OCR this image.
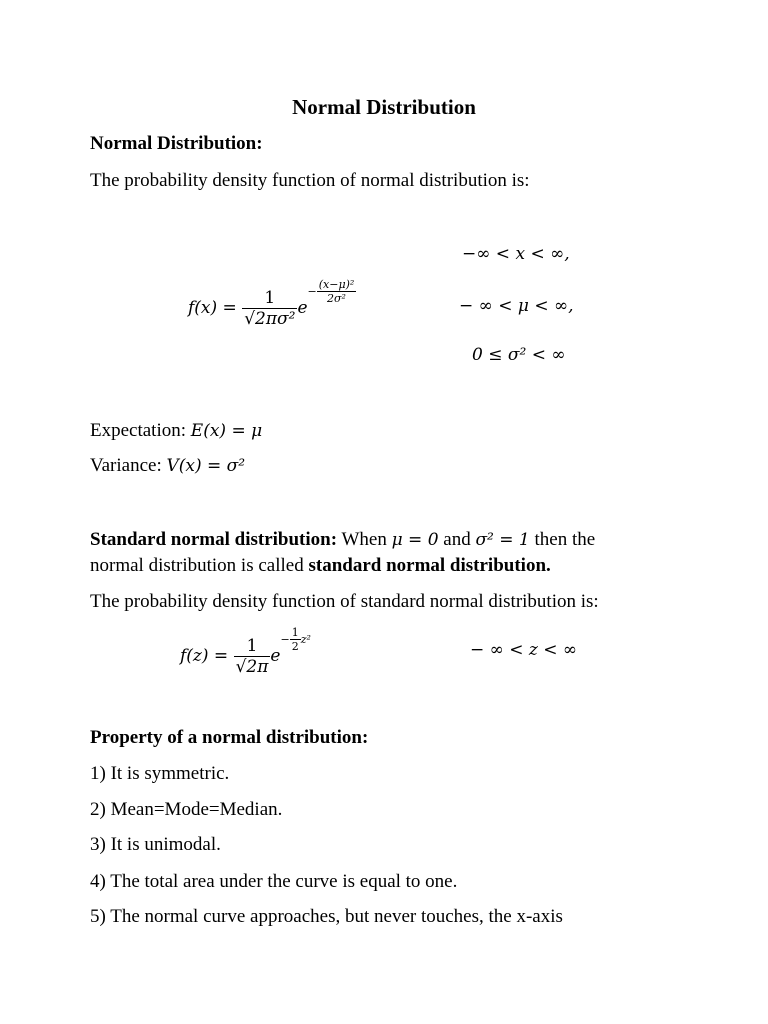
Normal Distribution
Normal Distribution:
The probability density function of normal distribution is:
$f(x) = \frac{1}{\text{√2πσ²}} e- \frac{\text{(x−μ)²}}{\text{2σ²}}$
−∞ < x < ∞,
− ∞ < μ < ∞,
0 ≤ σ² < ∞
Expectation: E(x) = μ
Variance: V(x) = σ²
Standard normal distribution: When μ = 0 and σ² = 1 then the
normal distribution is called standard normal distribution.
The probability density function of standard normal distribution is:
$f(z) = \frac{1}{√2\pi} e- \frac{1}{2} z^2$
− ∞ < z < ∞
Property of a normal distribution:
1) It is symmetric.
2) Mean=Mode=Median.
3) It is unimodal.
4) The total area under the curve is equal to one.
5) The normal curve approaches, but never touches, the x-axis
